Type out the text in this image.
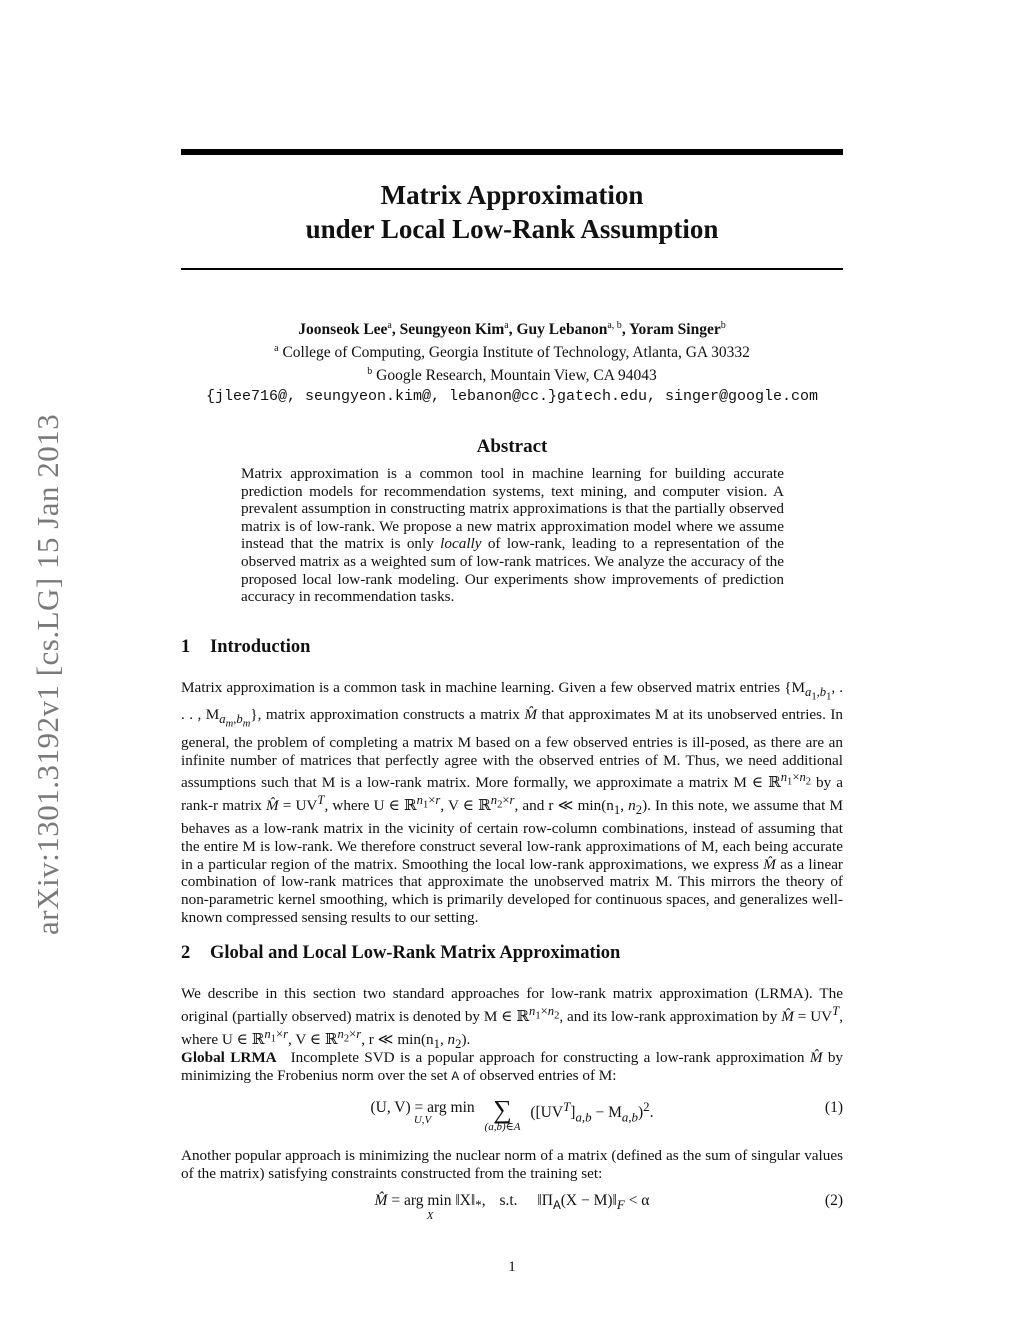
arXiv:1301.3192v1 [cs.LG] 15 Jan 2013
Matrix Approximation
under Local Low-Rank Assumption
Joonseok Lee$^a$, Seungyeon Kim$^a$, Guy Lebanon$^{a, b}$, Yoram Singer$^b$
$^a$ College of Computing, Georgia Institute of Technology, Atlanta, GA 30332
$^b$ Google Research, Mountain View, CA 94043
{jlee716@, seungyeon.kim@, lebanon@cc.}gatech.edu, singer@google.com
Abstract
Matrix approximation is a common tool in machine learning for building accurate prediction models for recommendation systems, text mining, and computer vision. A prevalent assumption in constructing matrix approximations is that the partially observed matrix is of low-rank. We propose a new matrix approximation model where we assume instead that the matrix is only locally of low-rank, leading to a representation of the observed matrix as a weighted sum of low-rank matrices. We analyze the accuracy of the proposed local low-rank modeling. Our experiments show improvements of prediction accuracy in recommendation tasks.
1 Introduction
Matrix approximation is a common task in machine learning. Given a few observed matrix entries {$M_{a_1,b_1}$, . . . , $M_{a_m,b_m}$}, matrix approximation constructs a matrix M̂ that approximates M at its unobserved entries. In general, the problem of completing a matrix M based on a few observed entries is ill-posed, as there are an infinite number of matrices that perfectly agree with the observed entries of M. Thus, we need additional assumptions such that M is a low-rank matrix. More formally, we approximate a matrix M ∈ ℝ$^{n_1\times n_2}$ by a rank-r matrix M̂ = $UV^T$, where U ∈ ℝ$^{n_1\times r}$, V ∈ ℝ$^{n_2\times r}$, and r ≪ $\min(n_1$, $n_2$). In this note, we assume that M behaves as a low-rank matrix in the vicinity of certain row-column combinations, instead of assuming that the entire M is low-rank. We therefore construct several low-rank approximations of M, each being accurate in a particular region of the matrix. Smoothing the local low-rank approximations, we express M̂ as a linear combination of low-rank matrices that approximate the unobserved matrix M. This mirrors the theory of non-parametric kernel smoothing, which is primarily developed for continuous spaces, and generalizes well-known compressed sensing results to our setting.
2 Global and Local Low-Rank Matrix Approximation
We describe in this section two standard approaches for low-rank matrix approximation (LRMA). The original (partially observed) matrix is denoted by M ∈ ℝ$^{n_1\times n_2}$, and its low-rank approximation by M̂ = $UV^T$, where U ∈ ℝ$^{n_1\times r}$, V ∈ ℝ$^{n_2\times r}$, r ≪ $\min(n_1$, $n_2$).
Global LRMA Incomplete SVD is a popular approach for constructing a low-rank approximation M̂ by minimizing the Frobenius norm over the set A of observed entries of M:
(U, V) = arg min
U,V	∑
(a,b)∈A
$([UV^T]_{a,b} - M_{a,b})^2$.	(1)
Another popular approach is minimizing the nuclear norm of a matrix (defined as the sum of singular values of the matrix) satisfying constraints constructed from the training set:
M̂ = arg $\min ‖X‖_*$,
X
s.t. $‖\Pi_A(X$ − $M)‖_F < \alpha$	(2)
1
